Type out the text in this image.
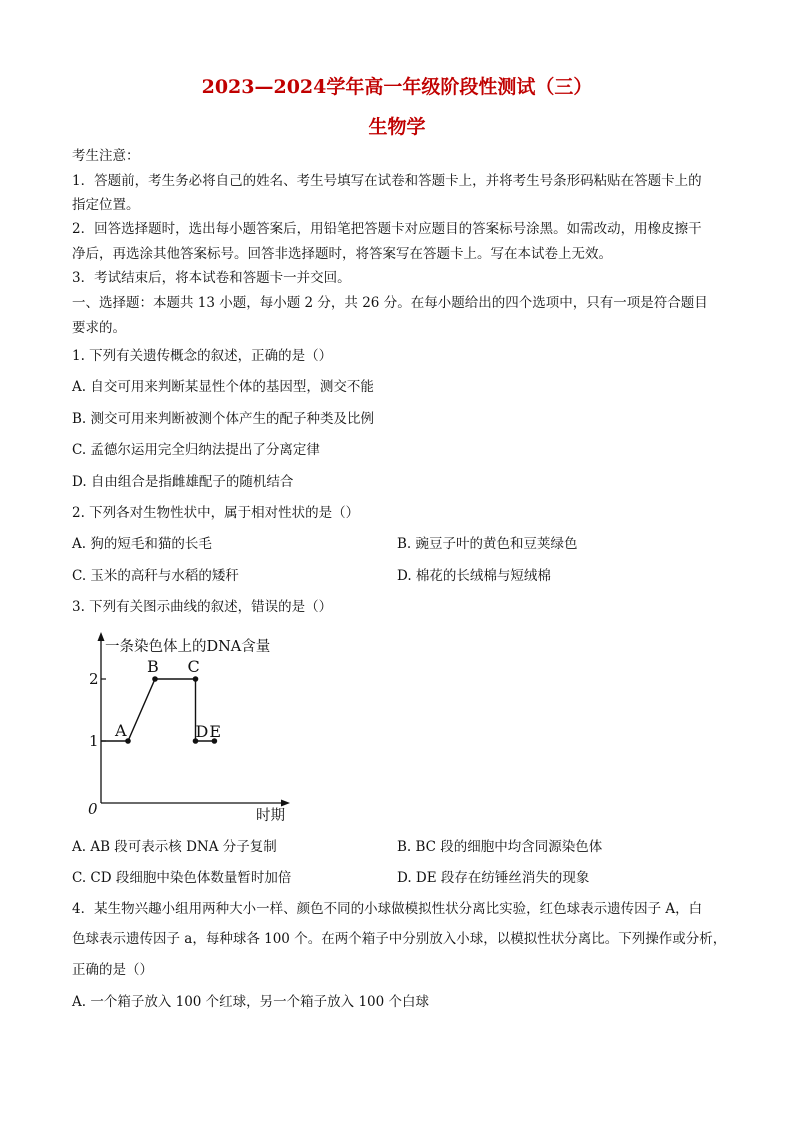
2023—2024学年高一年级阶段性测试（三）
生物学
考生注意：
1．答题前，考生务必将自己的姓名、考生号填写在试卷和答题卡上，并将考生号条形码粘贴在答题卡上的
指定位置。
2．回答选择题时，选出每小题答案后，用铅笔把答题卡对应题目的答案标号涂黑。如需改动，用橡皮擦干
净后，再选涂其他答案标号。回答非选择题时，将答案写在答题卡上。写在本试卷上无效。
3．考试结束后，将本试卷和答题卡一并交回。
一、选择题：本题共 13 小题，每小题 2 分，共 26 分。在每小题给出的四个选项中，只有一项是符合题目
要求的。
1. 下列有关遗传概念的叙述，正确的是（）
A. 自交可用来判断某显性个体的基因型，测交不能
B. 测交可用来判断被测个体产生的配子种类及比例
C. 孟德尔运用完全归纳法提出了分离定律
D. 自由组合是指雌雄配子的随机结合
2. 下列各对生物性状中，属于相对性状的是（）
A. 狗的短毛和猫的长毛	B. 豌豆子叶的黄色和豆荚绿色
C. 玉米的高秆与水稻的矮秆	D. 棉花的长绒棉与短绒棉
3. 下列有关图示曲线的叙述，错误的是（）
一条染色体上的DNA含量
时期
0
1
2
A
B C
D E
A. AB 段可表示核 DNA 分子复制	B. BC 段的细胞中均含同源染色体
C. CD 段细胞中染色体数量暂时加倍	D. DE 段存在纺锤丝消失的现象
4．某生物兴趣小组用两种大小一样、颜色不同的小球做模拟性状分离比实验，红色球表示遗传因子 A，白
色球表示遗传因子 a，每种球各 100 个。在两个箱子中分别放入小球，以模拟性状分离比。下列操作或分析，
正确的是（）
A. 一个箱子放入 100 个红球，另一个箱子放入 100 个白球
